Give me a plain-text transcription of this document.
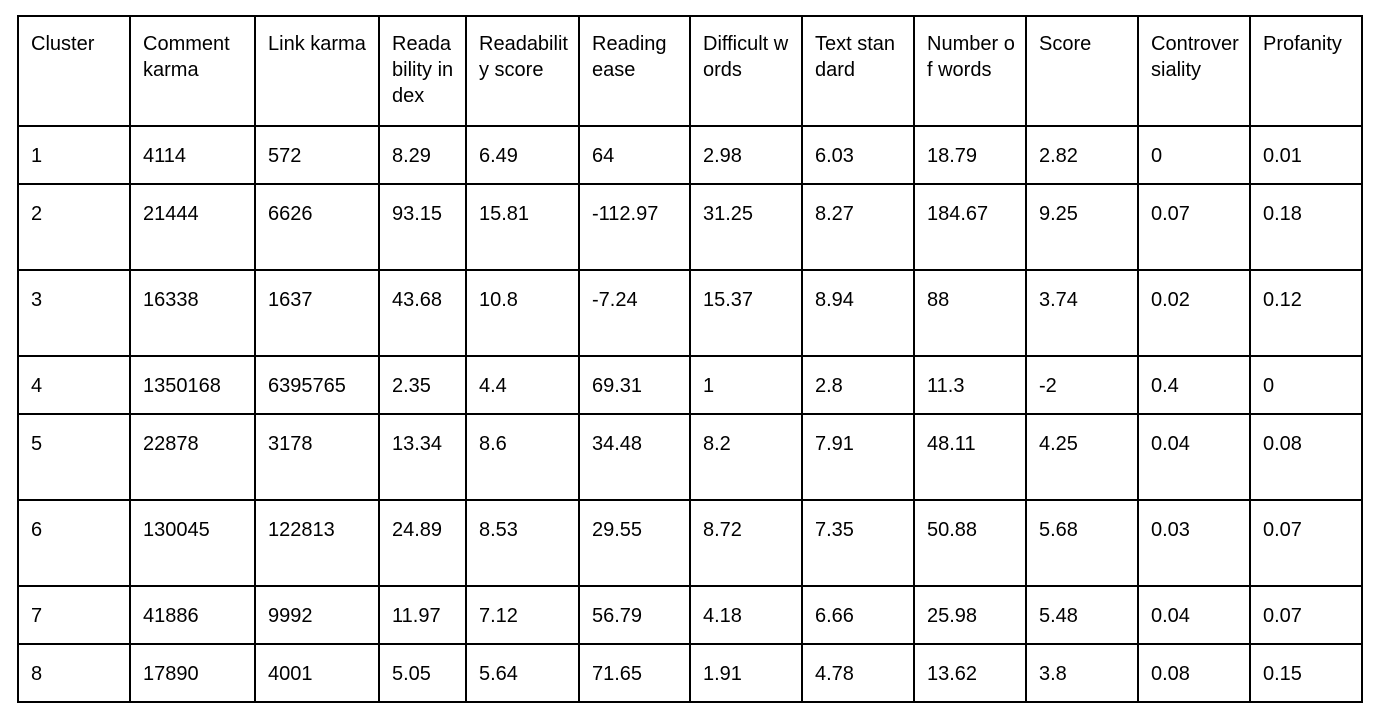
Cluster	Comment karma	Link karma	Readability index	Readability score	Reading ease	Difficult words	Text standard	Number of words	Score	Controversiality	Profanity
1	4114	572	8.29	6.49	64	2.98	6.03	18.79	2.82	0	0.01
2	21444	6626	93.15	15.81	-112.97	31.25	8.27	184.67	9.25	0.07	0.18
3	16338	1637	43.68	10.8	-7.24	15.37	8.94	88	3.74	0.02	0.12
4	1350168	6395765	2.35	4.4	69.31	1	2.8	11.3	-2	0.4	0
5	22878	3178	13.34	8.6	34.48	8.2	7.91	48.11	4.25	0.04	0.08
6	130045	122813	24.89	8.53	29.55	8.72	7.35	50.88	5.68	0.03	0.07
7	41886	9992	11.97	7.12	56.79	4.18	6.66	25.98	5.48	0.04	0.07
8	17890	4001	5.05	5.64	71.65	1.91	4.78	13.62	3.8	0.08	0.15
